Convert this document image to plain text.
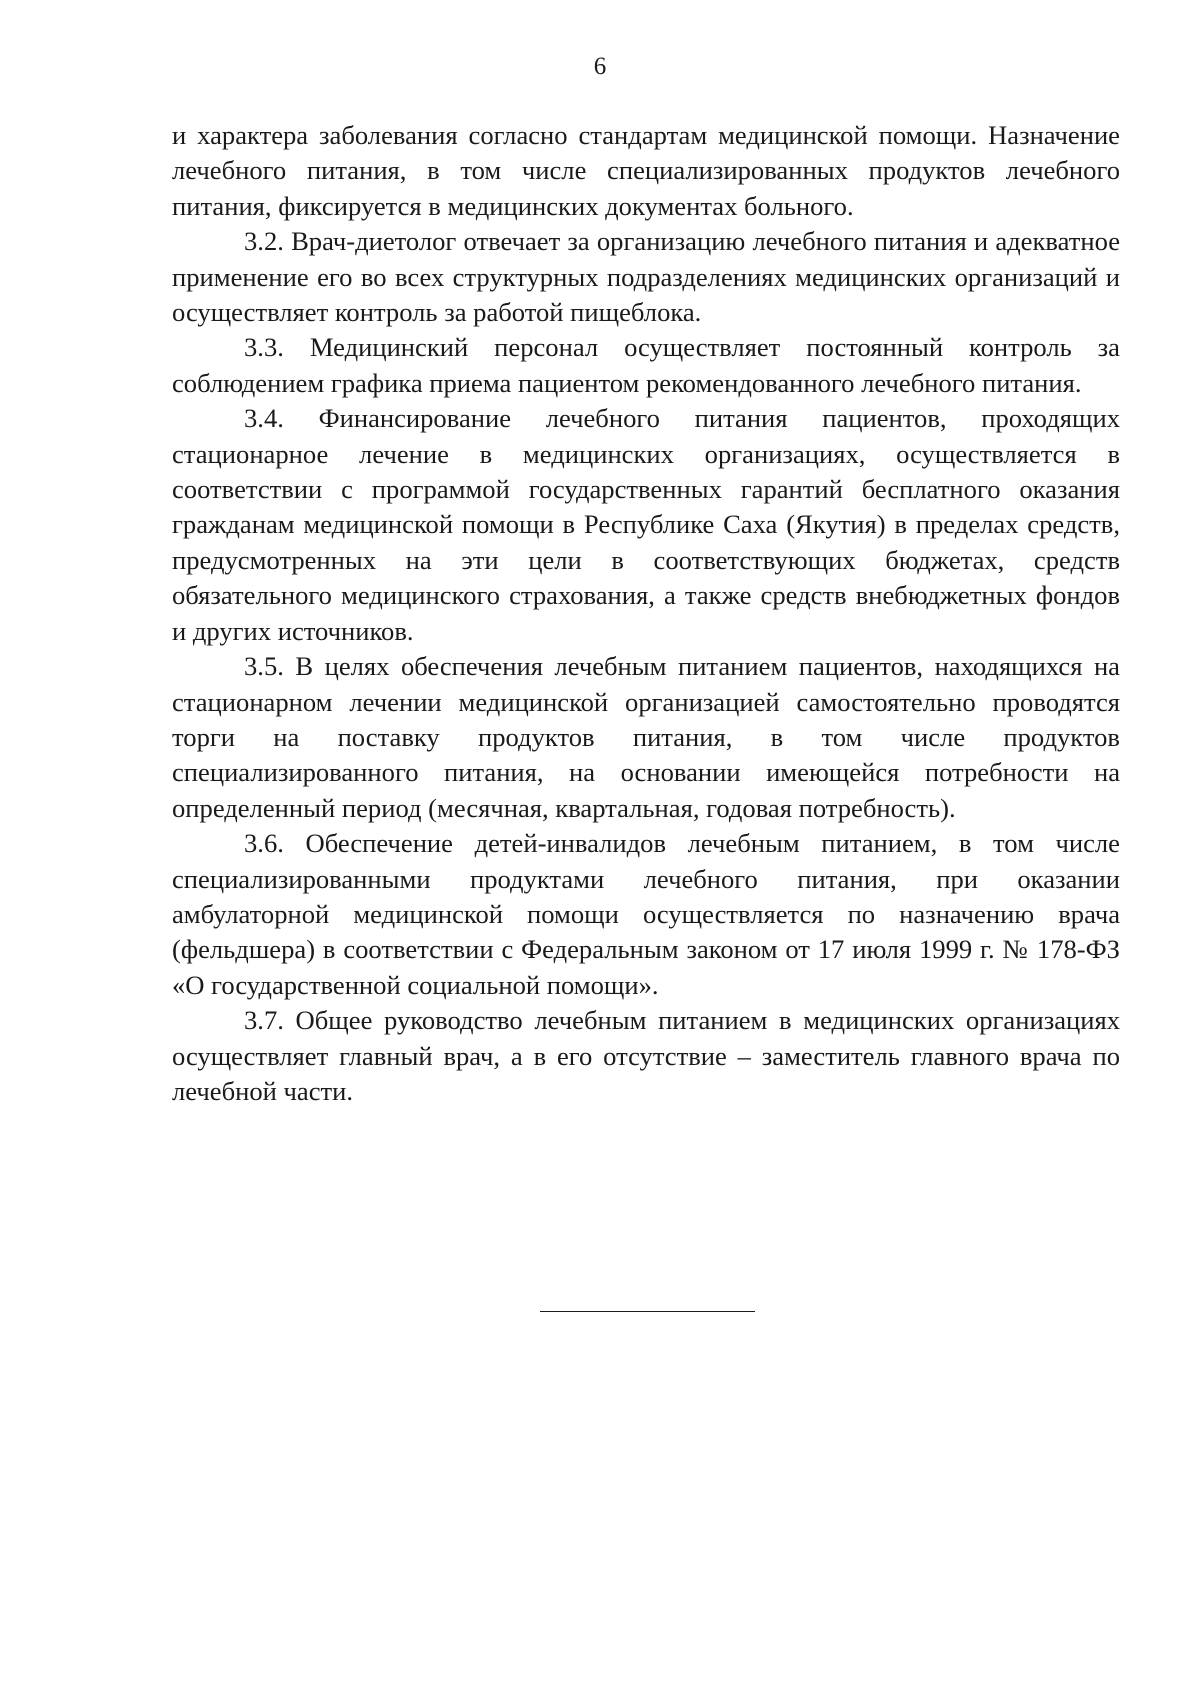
6

и характера заболевания согласно стандартам медицинской помощи. Назначение лечебного питания, в том числе специализированных продуктов лечебного питания, фиксируется в медицинских документах больного.

3.2. Врач-диетолог отвечает за организацию лечебного питания и адекватное применение его во всех структурных подразделениях медицинских организаций и осуществляет контроль за работой пищеблока.

3.3. Медицинский персонал осуществляет постоянный контроль за соблюдением графика приема пациентом рекомендованного лечебного питания.

3.4. Финансирование лечебного питания пациентов, проходящих стационарное лечение в медицинских организациях, осуществляется в соответствии с программой государственных гарантий бесплатного оказания гражданам медицинской помощи в Республике Саха (Якутия) в пределах средств, предусмотренных на эти цели в соответствующих бюджетах, средств обязательного медицинского страхования, а также средств внебюджетных фондов и других источников.

3.5. В целях обеспечения лечебным питанием пациентов, находящихся на стационарном лечении медицинской организацией самостоятельно проводятся торги на поставку продуктов питания, в том числе продуктов специализированного питания, на основании имеющейся потребности на определенный период (месячная, квартальная, годовая потребность).

3.6. Обеспечение детей-инвалидов лечебным питанием, в том числе специализированными продуктами лечебного питания, при оказании амбулаторной медицинской помощи осуществляется по назначению врача (фельдшера) в соответствии с Федеральным законом от 17 июля 1999 г. № 178-ФЗ «О государственной социальной помощи».

3.7. Общее руководство лечебным питанием в медицинских организациях осуществляет главный врач, а в его отсутствие – заместитель главного врача по лечебной части.
